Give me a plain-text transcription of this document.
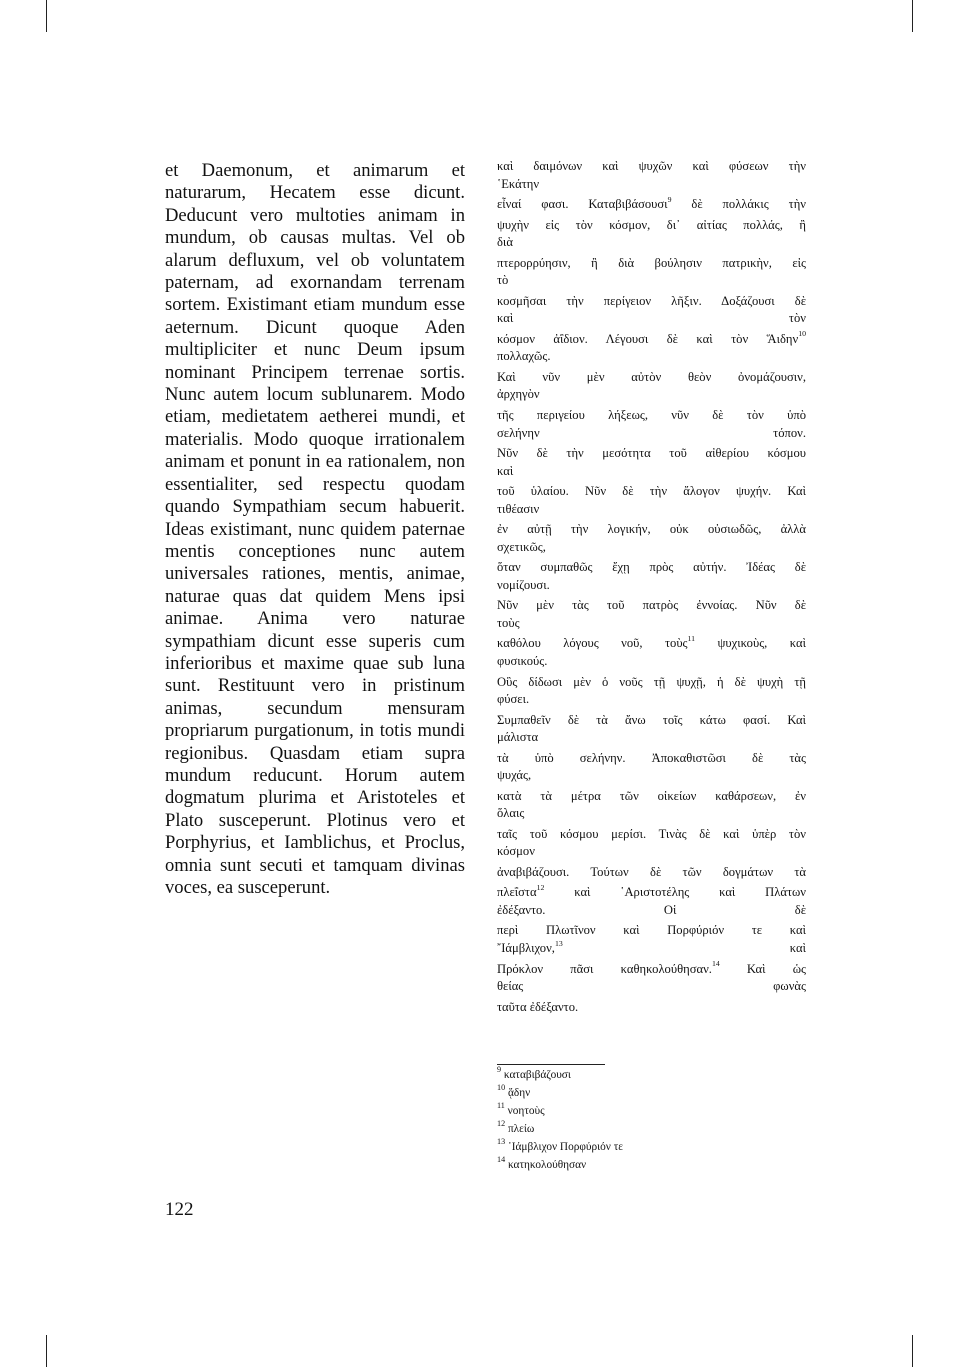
et Daemonum, et animarum et naturarum, Hecatem esse dicunt. Deducunt vero multoties animam in mundum, ob causas multas. Vel ob alarum defluxum, vel ob voluntatem paternam, ad exornandam terrenam sortem. Existimant etiam mundum esse aeternum. Dicunt quoque Aden multipliciter et nunc Deum ipsum nominant Principem terrenae sortis. Nunc autem locum sublunarem. Modo etiam, medietatem aetherei mundi, et materialis. Modo quoque irrationalem animam et ponunt in ea rationalem, non essentialiter, sed respectu quodam quando Sympathiam secum habuerit. Ideas existimant, nunc quidem paternae mentis conceptiones nunc autem universales rationes, mentis, animae, naturae quas dat quidem Mens ipsi animae. Anima vero naturae sympathiam dicunt esse superis cum inferioribus et maxime quae sub luna sunt. Restituunt vero in pristinum animas, secundum mensuram propriarum purgationum, in totis mundi regionibus. Quasdam etiam supra mundum reducunt. Horum autem dogmatum plurima et Aristoteles et Plato susceperunt. Plotinus vero et Porphyrius, et Iamblichus, et Proclus, omnia sunt secuti et tamquam divinas voces, ea susceperunt.

καὶ δαιμόνων καὶ ψυχῶν καὶ φύσεων τὴν
῾Εκάτην

εἶναί φασι. Καταβιβάσουσι$^9$ δὲ πολλάκις τὴν

ψυχὴν εἰς τὸν κόσμον, δι᾽ αἰτίας πολλάς, ἢ
διὰ

πτερορρύησιν, ἢ διὰ βούλησιν πατρικὴν, εἰς
τὸ

κοσμῆσαι τὴν περίγειον λῆξιν. Δοξάζουσι δὲ
καὶ τὸν

κόσμον ἀΐδιον. Λέγουσι δὲ καὶ τὸν Ἅιδην$^{10}$
πολλαχῶς.

Καὶ νῦν μὲν αὐτὸν θεὸν ὀνομάζουσιν,
ἀρχηγὸν

τῆς περιγείου λήξεως, νῦν δὲ τὸν ὑπὸ
σελήνην τόπον.

Νῦν δὲ τὴν μεσότητα τοῦ αἰθερίου κόσμου
καὶ

τοῦ ὑλαίου. Νῦν δὲ τὴν ἄλογον ψυχήν. Καὶ
τιθέασιν

ἐν αὐτῇ τὴν λογικήν, οὐκ οὐσιωδῶς, ἀλλὰ
σχετικῶς,

ὅταν συμπαθῶς ἔχῃ πρὸς αὐτήν. Ἰδέας δὲ
νομίζουσι.

Νῦν μὲν τὰς τοῦ πατρὸς ἐννοίας. Νῦν δὲ
τοὺς

καθόλου λόγους νοῦ, τοὺς$^{11}$ ψυχικοὺς, καὶ
φυσικούς.

Οὓς δίδωσι μὲν ὁ νοῦς τῇ ψυχῇ, ἡ δὲ ψυχὴ τῇ
φύσει.

Συμπαθεῖν δὲ τὰ ἄνω τοῖς κάτω φασί. Καὶ
μάλιστα

τὰ ὑπὸ σελήνην. Ἀποκαθιστῶσι δὲ τὰς
ψυχάς,

κατὰ τὰ μέτρα τῶν οἰκείων καθάρσεων, ἐν
ὅλαις

ταῖς τοῦ κόσμου μερίσι. Τινὰς δὲ καὶ ὑπὲρ τὸν
κόσμον

ἀναβιβάζουσι. Τούτων δὲ τῶν δογμάτων τὰ

πλεΐστα$^{12}$ καὶ ῾Αριστοτέλης καὶ Πλάτων
ἐδέξαντο. Οἱ δὲ

περὶ Πλωτῖνον καὶ Πορφύριόν τε καὶ
῎Ιάμβλιχον,$^{13}$ καὶ

Πρόκλον πᾶσι καθηκολούθησαν.$^{14}$ Καὶ ὡς
θείας φωνὰς

ταῦτα ἐδέξαντο.

$^9$ καταβιβάζουσι
$^{10}$ ᾅδην
$^{11}$ νοητοὺς
$^{12}$ πλείω
$^{13}$ ῾Ιάμβλιχον Πορφύριόν τε
$^{14}$ κατηκολούθησαν
122
